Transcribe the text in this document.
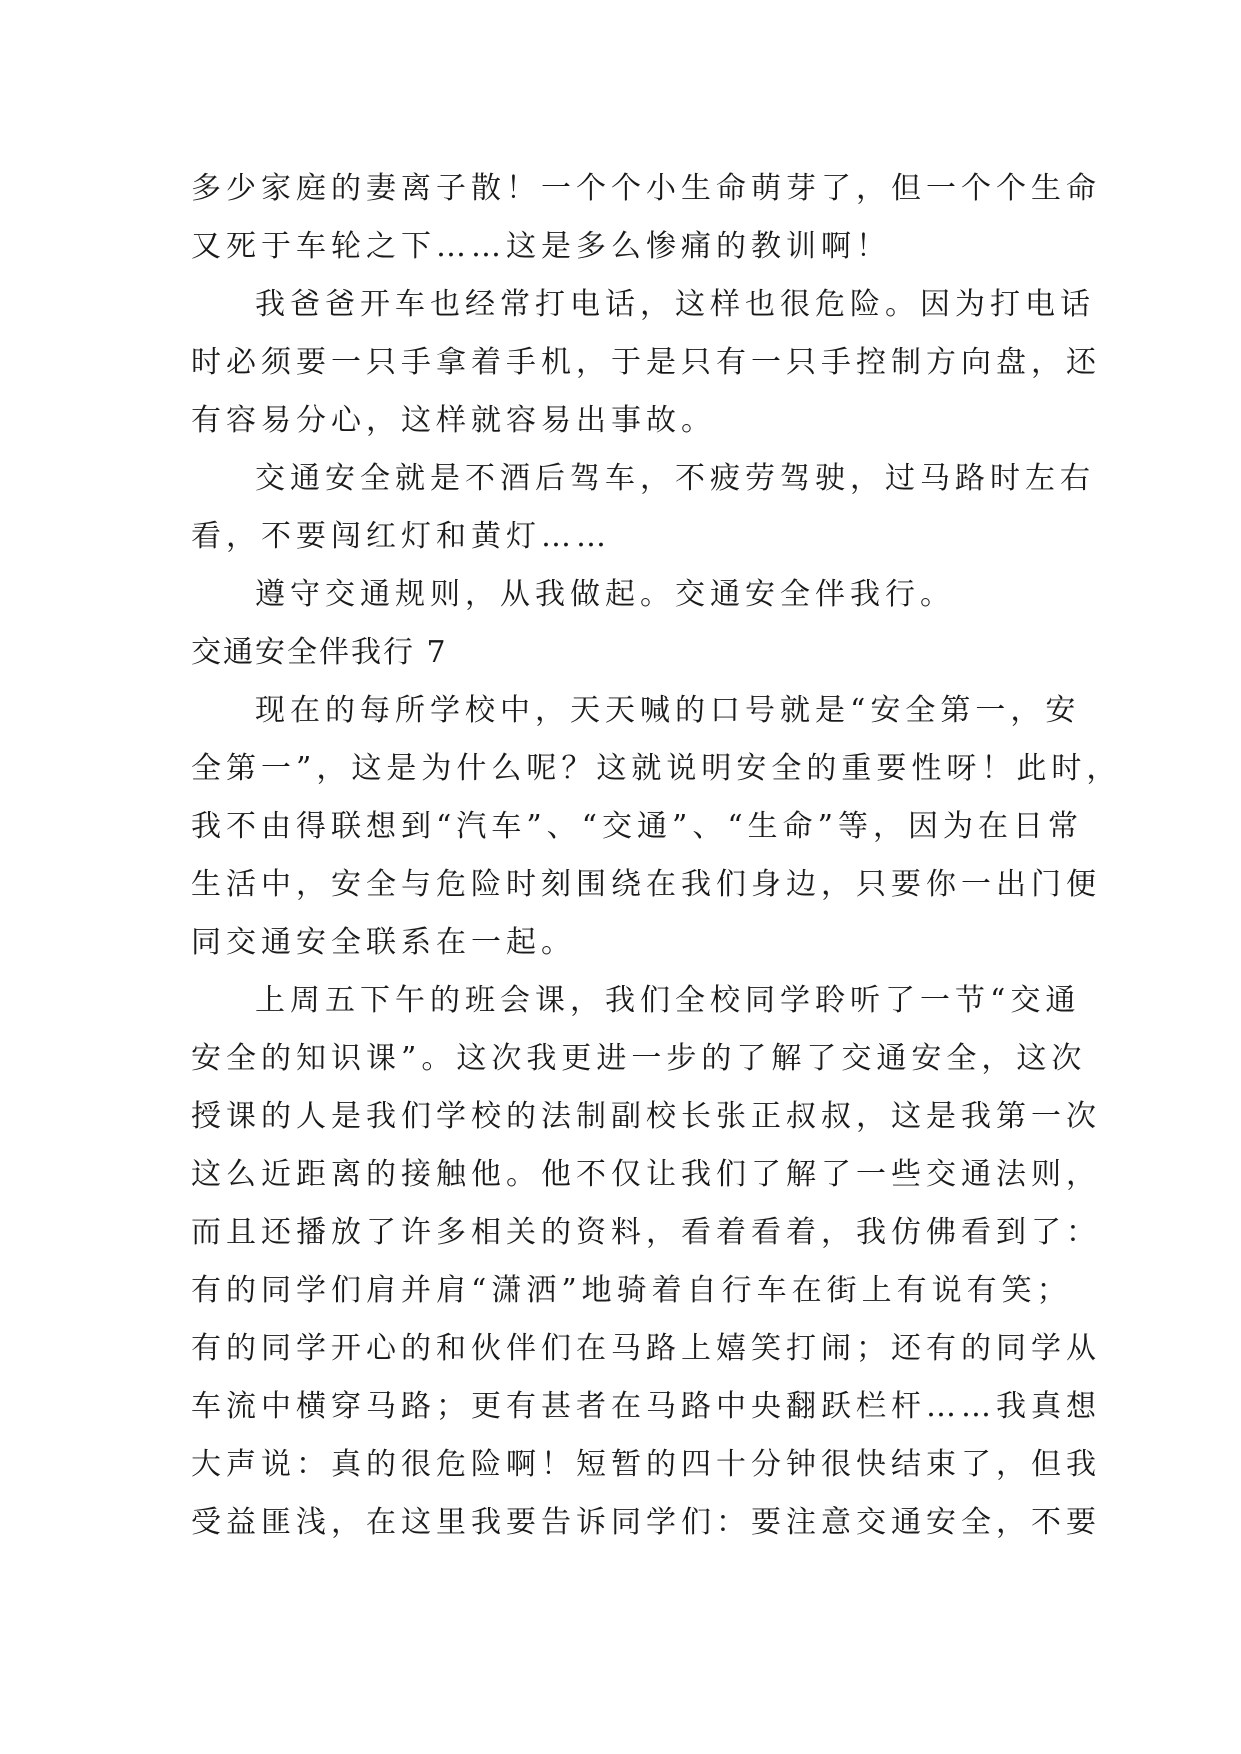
多少家庭的妻离子散！一个个小生命萌芽了，但一个个生命
又死于车轮之下……这是多么惨痛的教训啊！
我爸爸开车也经常打电话，这样也很危险。因为打电话
时必须要一只手拿着手机，于是只有一只手控制方向盘，还
有容易分心，这样就容易出事故。
交通安全就是不酒后驾车，不疲劳驾驶，过马路时左右
看，不要闯红灯和黄灯……
遵守交通规则，从我做起。交通安全伴我行。
交通安全伴我行 7
现在的每所学校中，天天喊的口号就是“安全第一，安
全第一”，这是为什么呢？这就说明安全的重要性呀！此时，
我不由得联想到“汽车”、“交通”、“生命”等，因为在日常
生活中，安全与危险时刻围绕在我们身边，只要你一出门便
同交通安全联系在一起。
上周五下午的班会课，我们全校同学聆听了一节“交通
安全的知识课”。这次我更进一步的了解了交通安全，这次
授课的人是我们学校的法制副校长张正叔叔，这是我第一次
这么近距离的接触他。他不仅让我们了解了一些交通法则，
而且还播放了许多相关的资料，看着看着，我仿佛看到了：
有的同学们肩并肩“潇洒”地骑着自行车在街上有说有笑；
有的同学开心的和伙伴们在马路上嬉笑打闹；还有的同学从
车流中横穿马路；更有甚者在马路中央翻跃栏杆……我真想
大声说：真的很危险啊！短暂的四十分钟很快结束了，但我
受益匪浅，在这里我要告诉同学们：要注意交通安全，不要
